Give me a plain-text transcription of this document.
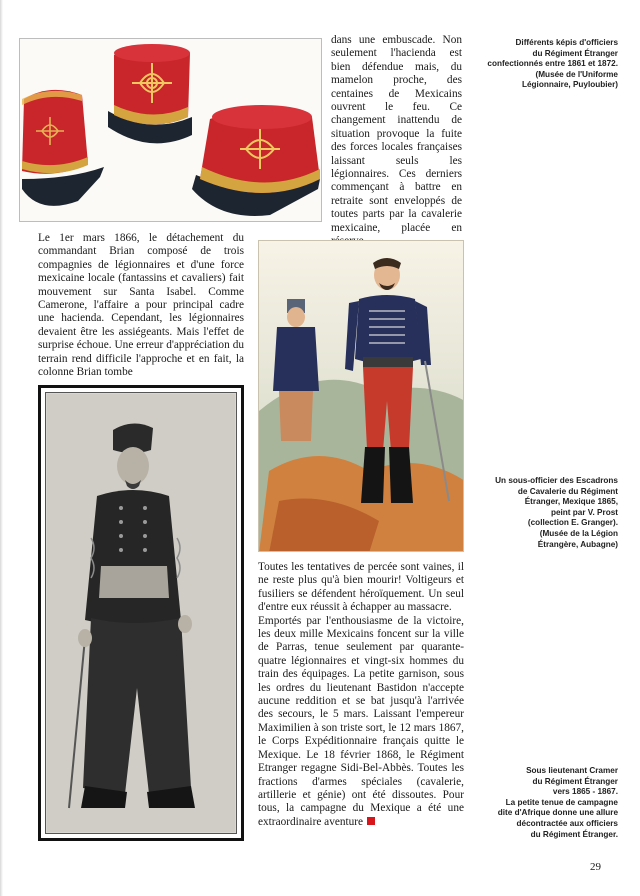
dans une embuscade. Non seulement l'hacienda est bien défendue mais, du mamelon proche, des centaines de Mexicains ouvrent le feu. Ce changement inattendu de situation provoque la fuite des forces locales françaises laissant seuls les légionnaires. Ces derniers commençant à battre en retraite sont enveloppés de toutes parts par la cavalerie mexicaine, placée en

Différents képis d'officiers
du Régiment Étranger
confectionnés entre 1861 et 1872.
(Musée de l'Uniforme
Légionnaire, Puyloubier)

Le 1er mars 1866, le détachement du commandant Brian composé de trois compagnies de légionnaires et d'une force mexicaine locale (fantassins et cavaliers) fait mouvement sur Santa Isabel. Comme Camerone, l'affaire a pour principal cadre une hacienda. Cependant, les légionnaires devaient être les assiégeants. Mais l'effet de surprise échoue. Une erreur d'appréciation du terrain rend difficile l'approche et en fait, la colonne Brian tombe

Un sous-officier des Escadrons
de Cavalerie du Régiment
Étranger, Mexique 1865,
peint par V. Prost
(collection E. Granger).
(Musée de la Légion
Étrangère, Aubagne)

Toutes les tentatives de percée sont vaines, il ne reste plus qu'à bien mourir! Voltigeurs et fusiliers se défendent héroïquement. Un seul d'entre eux réussit à échapper au massacre.

Emportés par l'enthousiasme de la victoire, les deux mille Mexicains foncent sur la ville de Parras, tenue seulement par quarante-quatre légionnaires et vingt-six hommes du train des équipages. La petite garnison, sous les ordres du lieutenant Bastidon n'accepte aucune reddition et se bat jusqu'à l'arrivée des secours, le 5 mars. Laissant l'empereur Maximilien à son triste sort, le 12 mars 1867, le Corps Expéditionnaire français quitte le Mexique. Le 18 février 1868, le Régiment Etranger regagne Sidi-Bel-Abbès. Toutes les fractions d'armes spéciales (cavalerie, artillerie et génie) ont été dissoutes. Pour tous, la campagne du Mexique a été une extraordinaire aventure

Sous lieutenant Cramer
du Régiment Étranger
vers 1865 - 1867.
La petite tenue de campagne
dite d'Afrique donne une allure
décontractée aux officiers
du Régiment Étranger.

29
